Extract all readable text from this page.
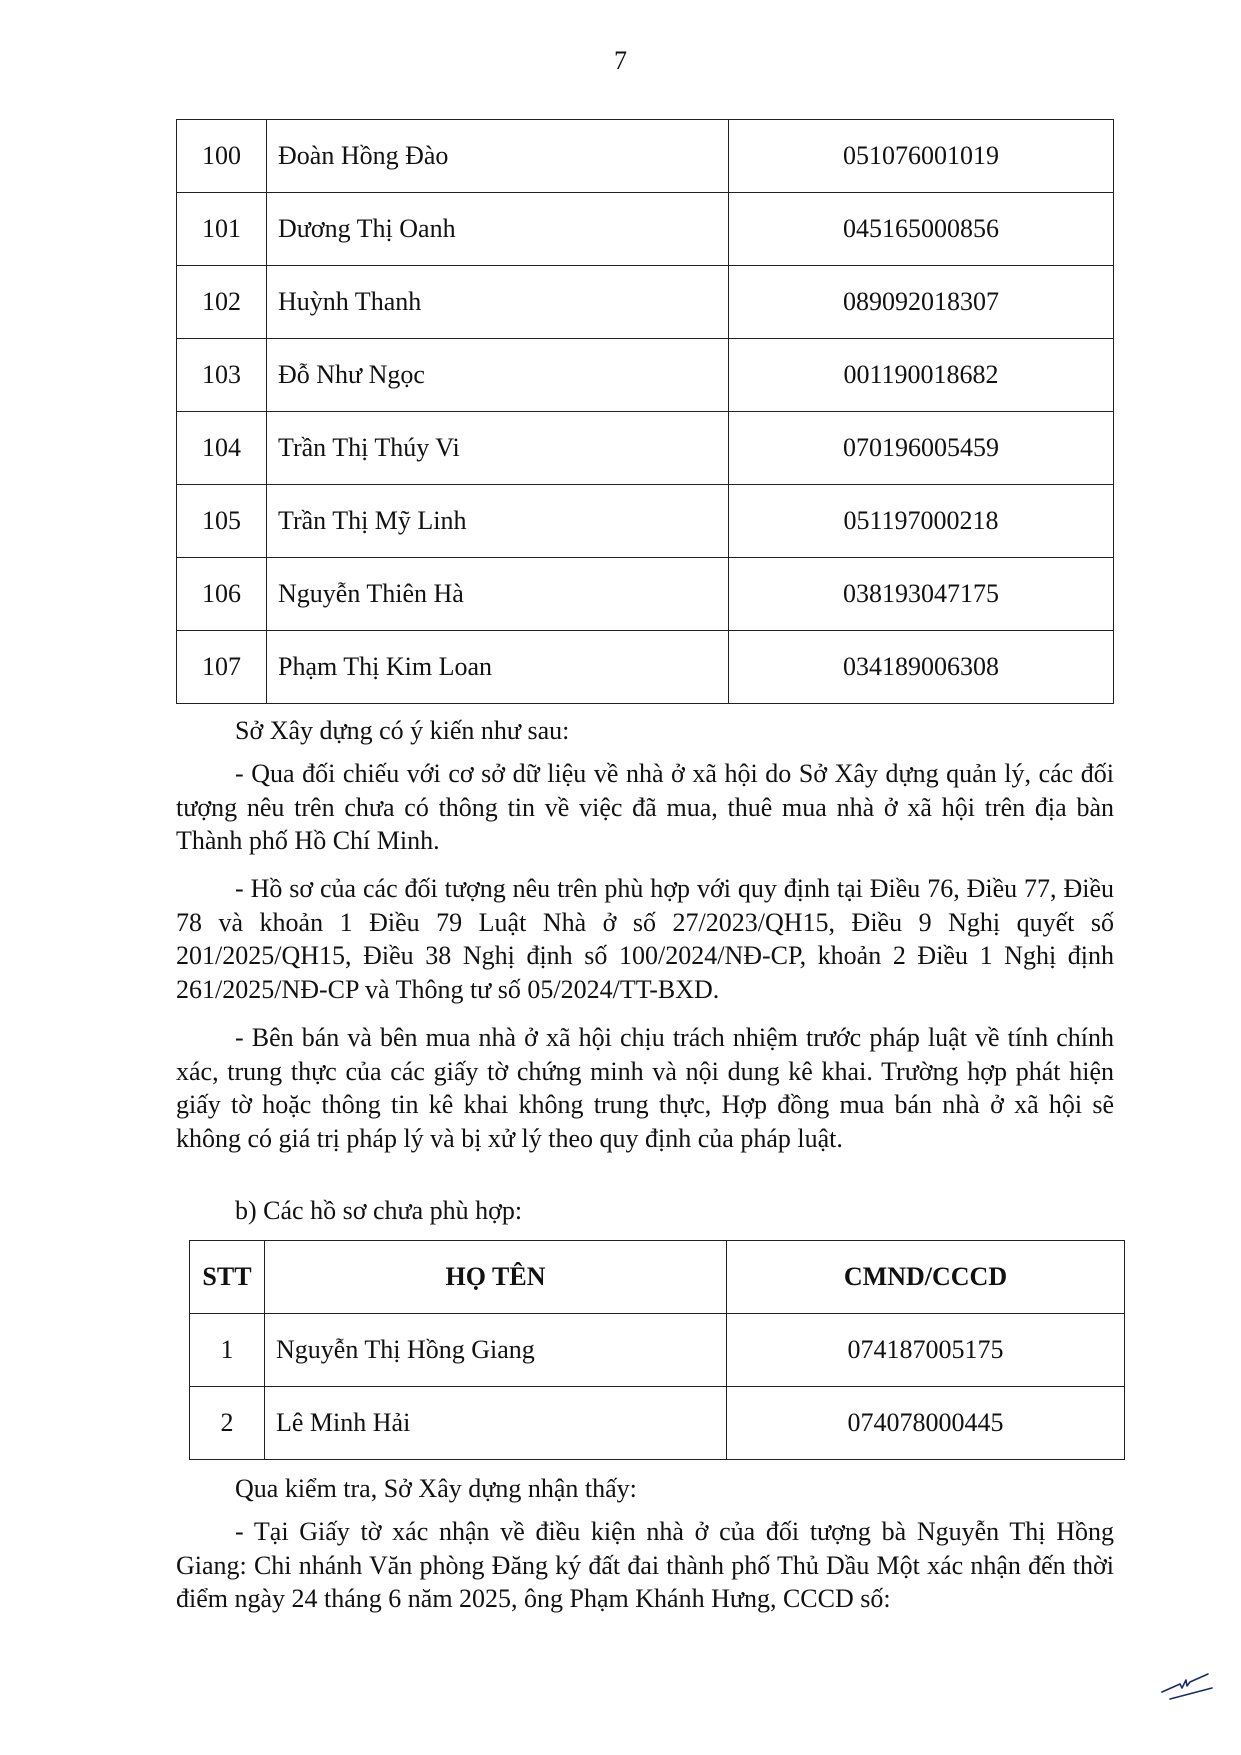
7
100	Đoàn Hồng Đào	051076001019
101	Dương Thị Oanh	045165000856
102	Huỳnh Thanh	089092018307
103	Đỗ Như Ngọc	001190018682
104	Trần Thị Thúy Vi	070196005459
105	Trần Thị Mỹ Linh	051197000218
106	Nguyễn Thiên Hà	038193047175
107	Phạm Thị Kim Loan	034189006308

Sở Xây dựng có ý kiến như sau:

- Qua đối chiếu với cơ sở dữ liệu về nhà ở xã hội do Sở Xây dựng quản lý, các đối tượng nêu trên chưa có thông tin về việc đã mua, thuê mua nhà ở xã hội trên địa bàn Thành phố Hồ Chí Minh.

- Hồ sơ của các đối tượng nêu trên phù hợp với quy định tại Điều 76, Điều 77, Điều 78 và khoản 1 Điều 79 Luật Nhà ở số 27/2023/QH15, Điều 9 Nghị quyết số 201/2025/QH15, Điều 38 Nghị định số 100/2024/NĐ-CP, khoản 2 Điều 1 Nghị định 261/2025/NĐ-CP và Thông tư số 05/2024/TT-BXD.

- Bên bán và bên mua nhà ở xã hội chịu trách nhiệm trước pháp luật về tính chính xác, trung thực của các giấy tờ chứng minh và nội dung kê khai. Trường hợp phát hiện giấy tờ hoặc thông tin kê khai không trung thực, Hợp đồng mua bán nhà ở xã hội sẽ không có giá trị pháp lý và bị xử lý theo quy định của pháp luật.

b) Các hồ sơ chưa phù hợp:

STT	HỌ TÊN	CMND/CCCD
1	Nguyễn Thị Hồng Giang	074187005175
2	Lê Minh Hải	074078000445

Qua kiểm tra, Sở Xây dựng nhận thấy:

- Tại Giấy tờ xác nhận về điều kiện nhà ở của đối tượng bà Nguyễn Thị Hồng Giang: Chi nhánh Văn phòng Đăng ký đất đai thành phố Thủ Dầu Một xác nhận đến thời điểm ngày 24 tháng 6 năm 2025, ông Phạm Khánh Hưng, CCCD số:
